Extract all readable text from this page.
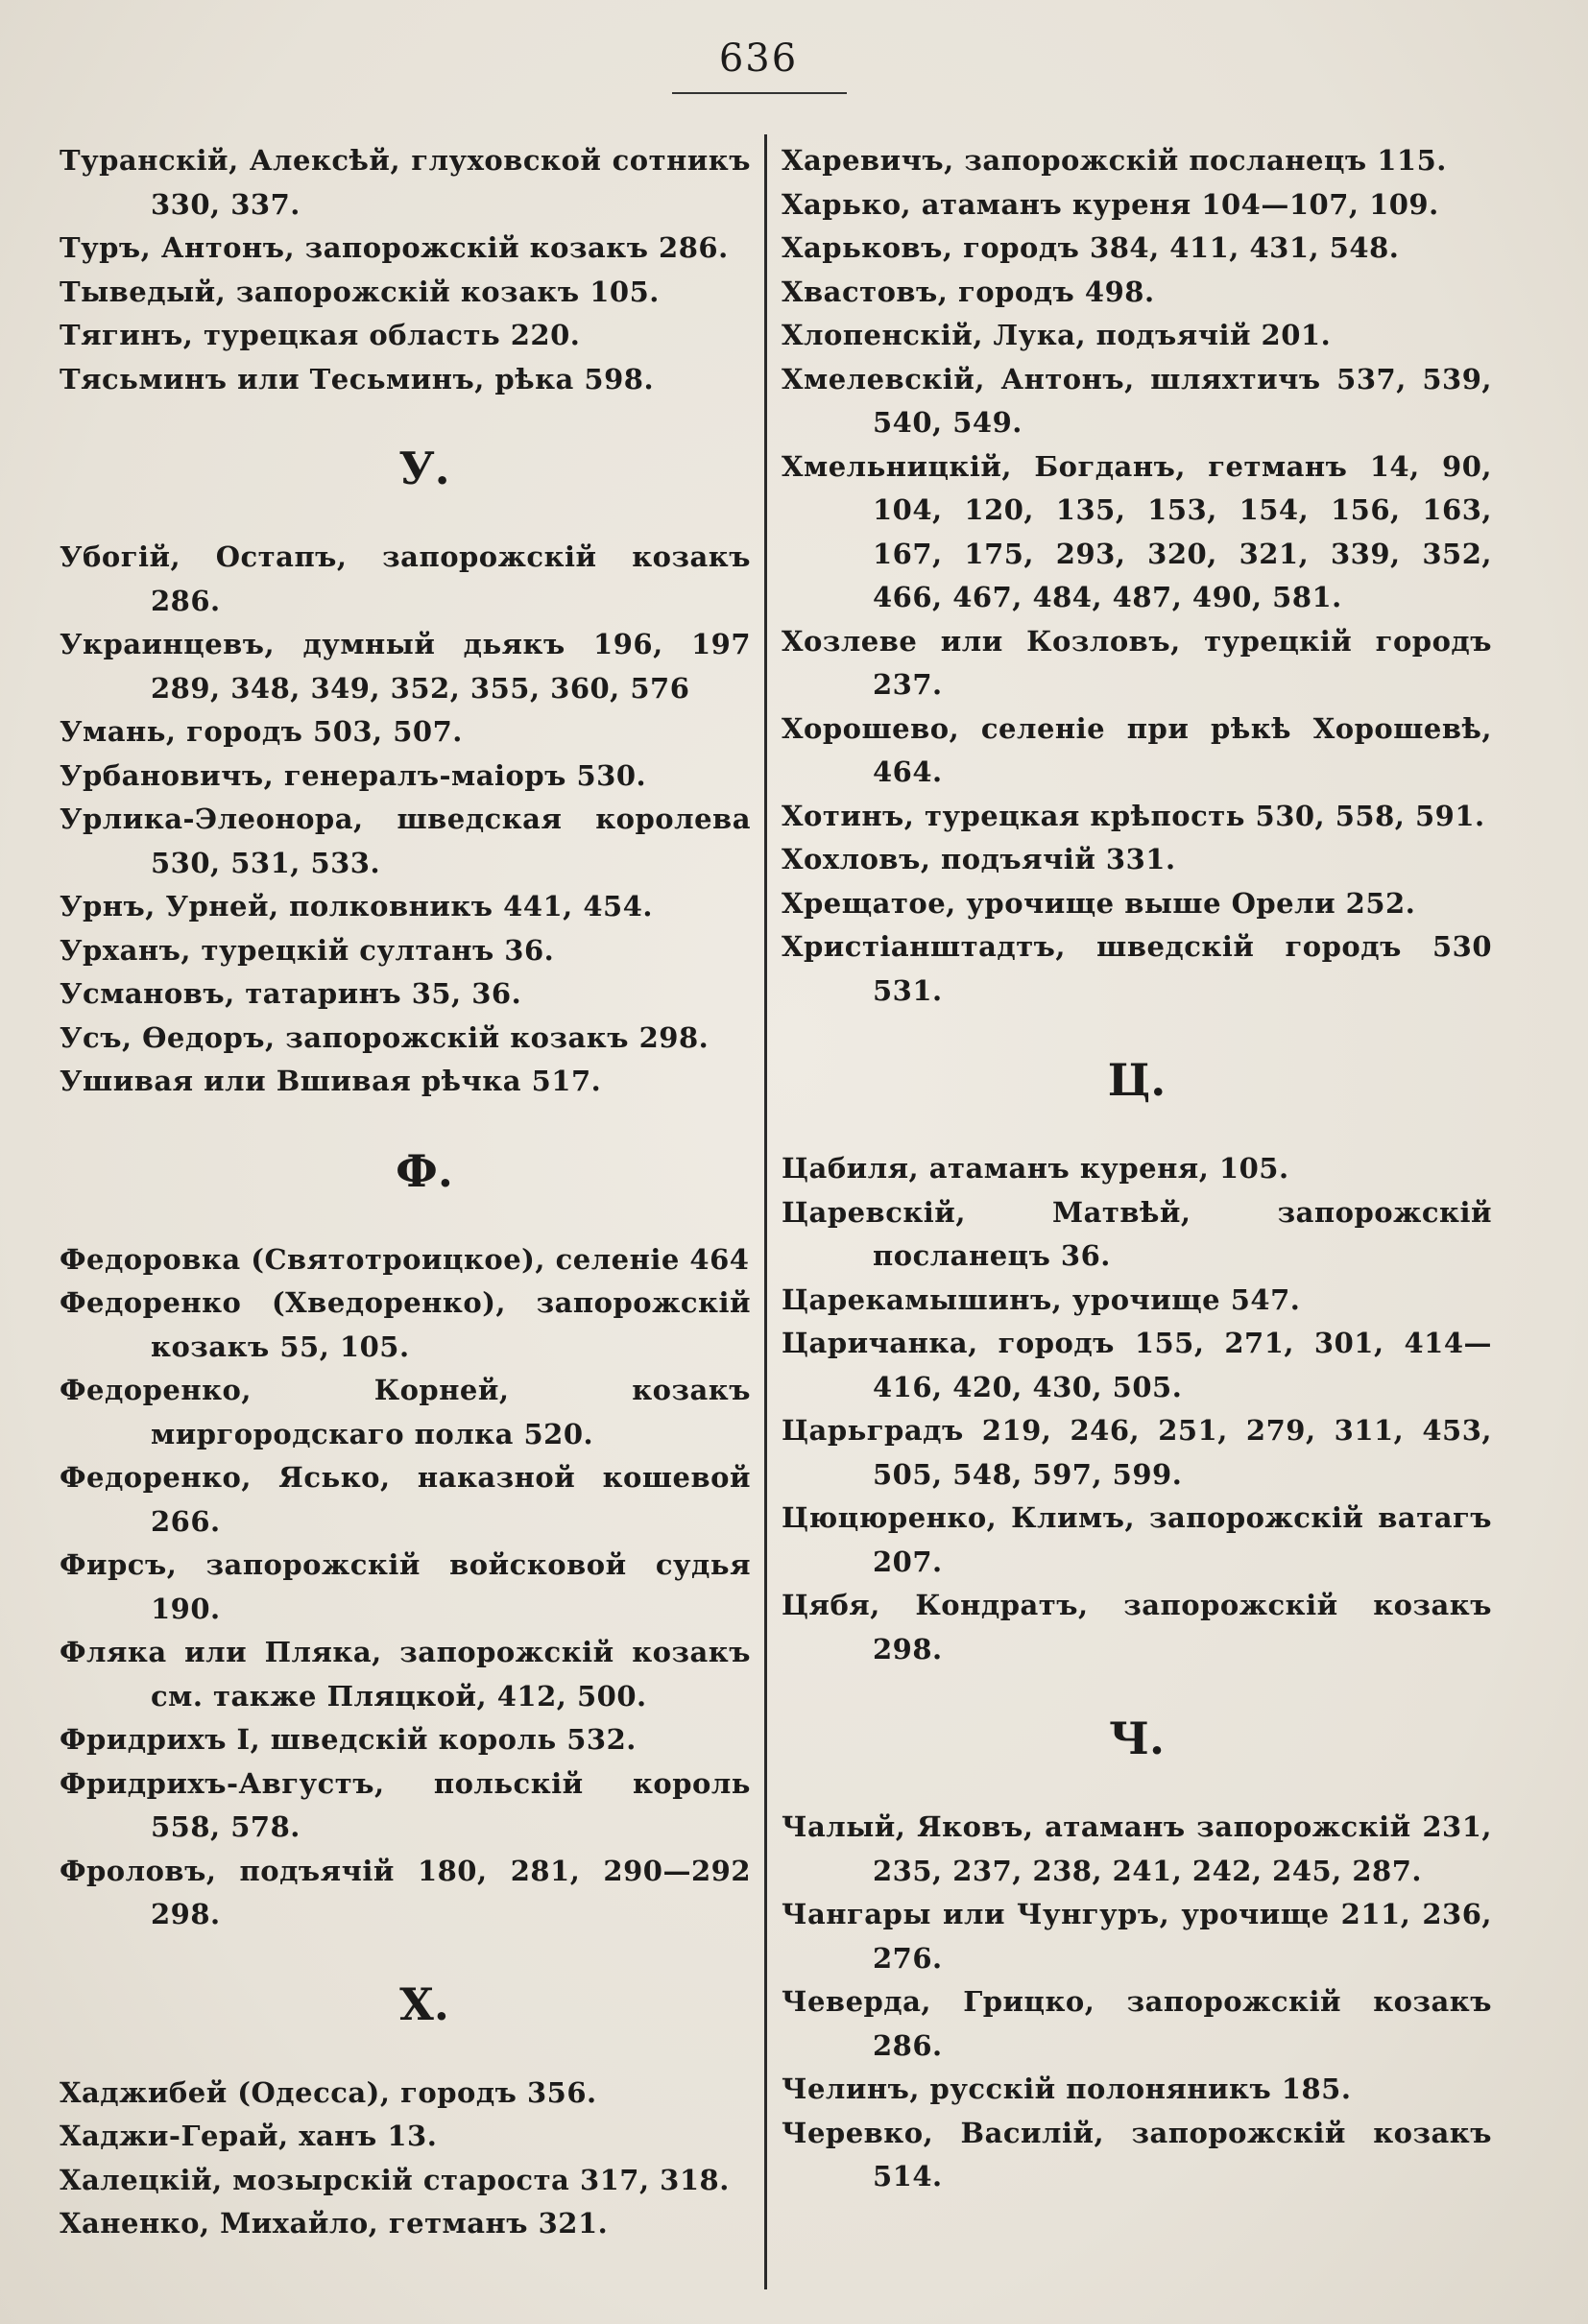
636
Туранскій, Алексѣй, глуховской сотникъ 330, 337.
Туръ, Антонъ, запорожскій козакъ 286.
Тыведый, запорожскій козакъ 105.
Тягинъ, турецкая область 220.
Тясьминъ или Тесьминъ, рѣка 598.
У.
Убогій, Остапъ, запорожскій козакъ 286.
Украинцевъ, думный дьякъ 196, 197 289, 348, 349, 352, 355, 360, 576
Умань, городъ 503, 507.
Урбановичъ, генералъ-маіоръ 530.
Урлика-Элеонора, шведская королева 530, 531, 533.
Урнъ, Урней, полковникъ 441, 454.
Урханъ, турецкій султанъ 36.
Усмановъ, татаринъ 35, 36.
Усъ, Ѳедоръ, запорожскій козакъ 298.
Ушивая или Вшивая рѣчка 517.
Ф.
Федоровка (Святотроицкое), селеніе 464
Федоренко (Хведоренко), запорожскій козакъ 55, 105.
Федоренко, Корней, козакъ миргородскаго полка 520.
Федоренко, Ясько, наказной кошевой 266.
Фирсъ, запорожскій войсковой судья 190.
Фляка или Пляка, запорожскій козакъ см. также Пляцкой, 412, 500.
Фридрихъ I, шведскій король 532.
Фридрихъ-Августъ, польскій король 558, 578.
Фроловъ, подъячій 180, 281, 290—292 298.
Х.
Хаджибей (Одесса), городъ 356.
Хаджи-Герай, ханъ 13.
Халецкій, мозырскій староста 317, 318.
Ханенко, Михайло, гетманъ 321.
Харевичъ, запорожскій посланецъ 115.
Харько, атаманъ куреня 104—107, 109.
Харьковъ, городъ 384, 411, 431, 548.
Хвастовъ, городъ 498.
Хлопенскій, Лука, подъячій 201.
Хмелевскій, Антонъ, шляхтичъ 537, 539, 540, 549.
Хмельницкій, Богданъ, гетманъ 14, 90, 104, 120, 135, 153, 154, 156, 163, 167, 175, 293, 320, 321, 339, 352, 466, 467, 484, 487, 490, 581.
Хозлеве или Козловъ, турецкій городъ 237.
Хорошево, селеніе при рѣкѣ Хорошевѣ, 464.
Хотинъ, турецкая крѣпость 530, 558, 591.
Хохловъ, подъячій 331.
Хрещатое, урочище выше Орели 252.
Христіанштадтъ, шведскій городъ 530 531.
Ц.
Цабиля, атаманъ куреня, 105.
Царевскій, Матвѣй, запорожскій посланецъ 36.
Царекамышинъ, урочище 547.
Царичанка, городъ 155, 271, 301, 414—416, 420, 430, 505.
Царьградъ 219, 246, 251, 279, 311, 453, 505, 548, 597, 599.
Цюцюренко, Климъ, запорожскій ватагъ 207.
Цябя, Кондратъ, запорожскій козакъ 298.
Ч.
Чалый, Яковъ, атаманъ запорожскій 231, 235, 237, 238, 241, 242, 245, 287.
Чангары или Чунгуръ, урочище 211, 236, 276.
Чеверда, Грицко, запорожскій козакъ 286.
Челинъ, русскій полоняникъ 185.
Черевко, Василій, запорожскій козакъ 514.
